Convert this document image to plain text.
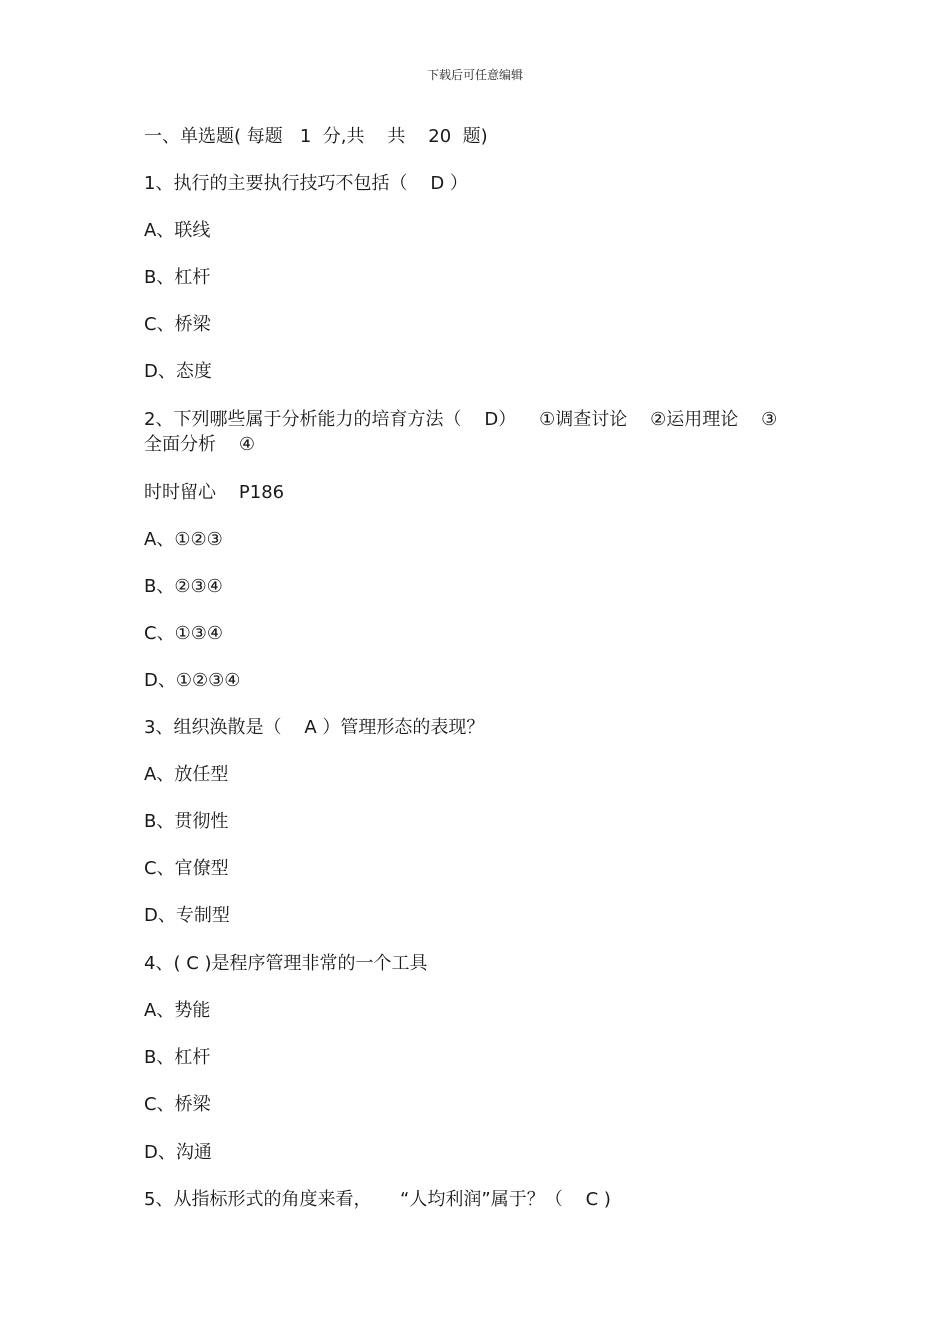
下载后可任意编辑
一、单选题( 每题   1  分,共    共    20  题)
1、执行的主要执行技巧不包括（    D ）
A、联线
B、杠杆
C、桥梁
D、态度
2、下列哪些属于分析能力的培育方法（    D）    ①调查讨论    ②运用理论    ③
全面分析    ④
时时留心    P186
A、①②③
B、②③④
C、①③④
D、①②③④
3、组织涣散是（    A ）管理形态的表现？
A、放任型
B、贯彻性
C、官僚型
D、专制型
4、( C )是程序管理非常的一个工具
A、势能
B、杠杆
C、桥梁
D、沟通
5、从指标形式的角度来看，     “人均利润”属于？（    C )
